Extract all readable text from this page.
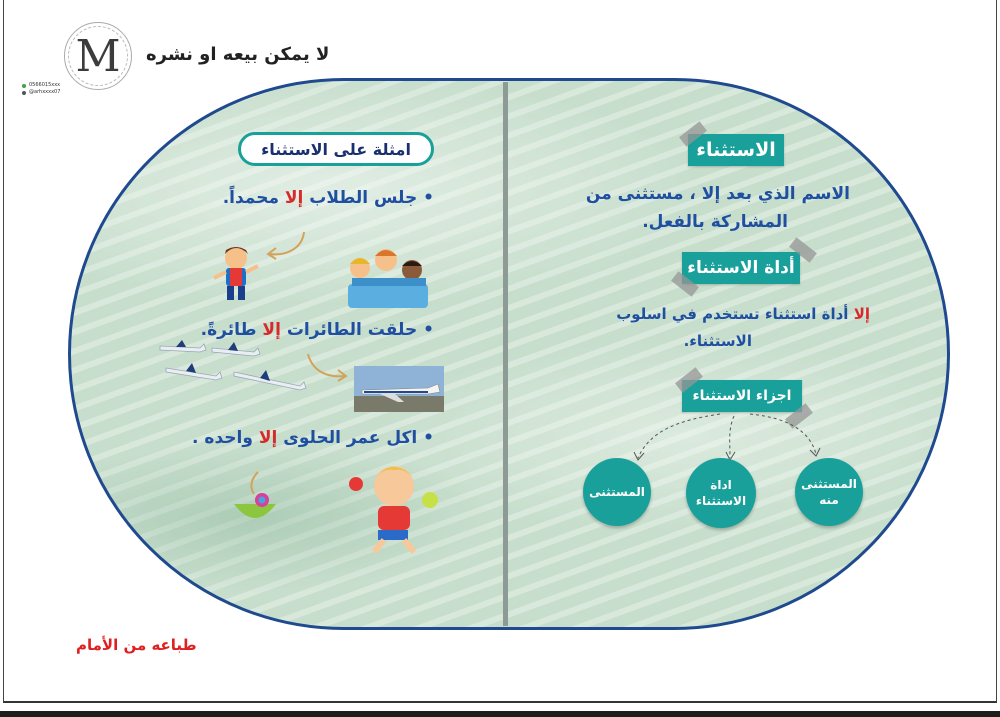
M لا يمكن بيعه او نشره
0566015xxx
@arhxxxx07
الاستثناء
الاسم الذي بعد إلا ، مستثنى من
المشاركة بالفعل.
أداة الاستثناء
إلا أداة استثناء تستخدم في اسلوب
الاستثناء.
اجزاء الاستثناء
المستثنى منه
اداة الاستثناء
المستثنى
امثلة على الاستثناء
• جلس الطلاب إلا محمداً.
• حلقت الطائرات إلا طائرةً.
• اكل عمر الحلوى إلا واحده .
طباعه من الأمام
